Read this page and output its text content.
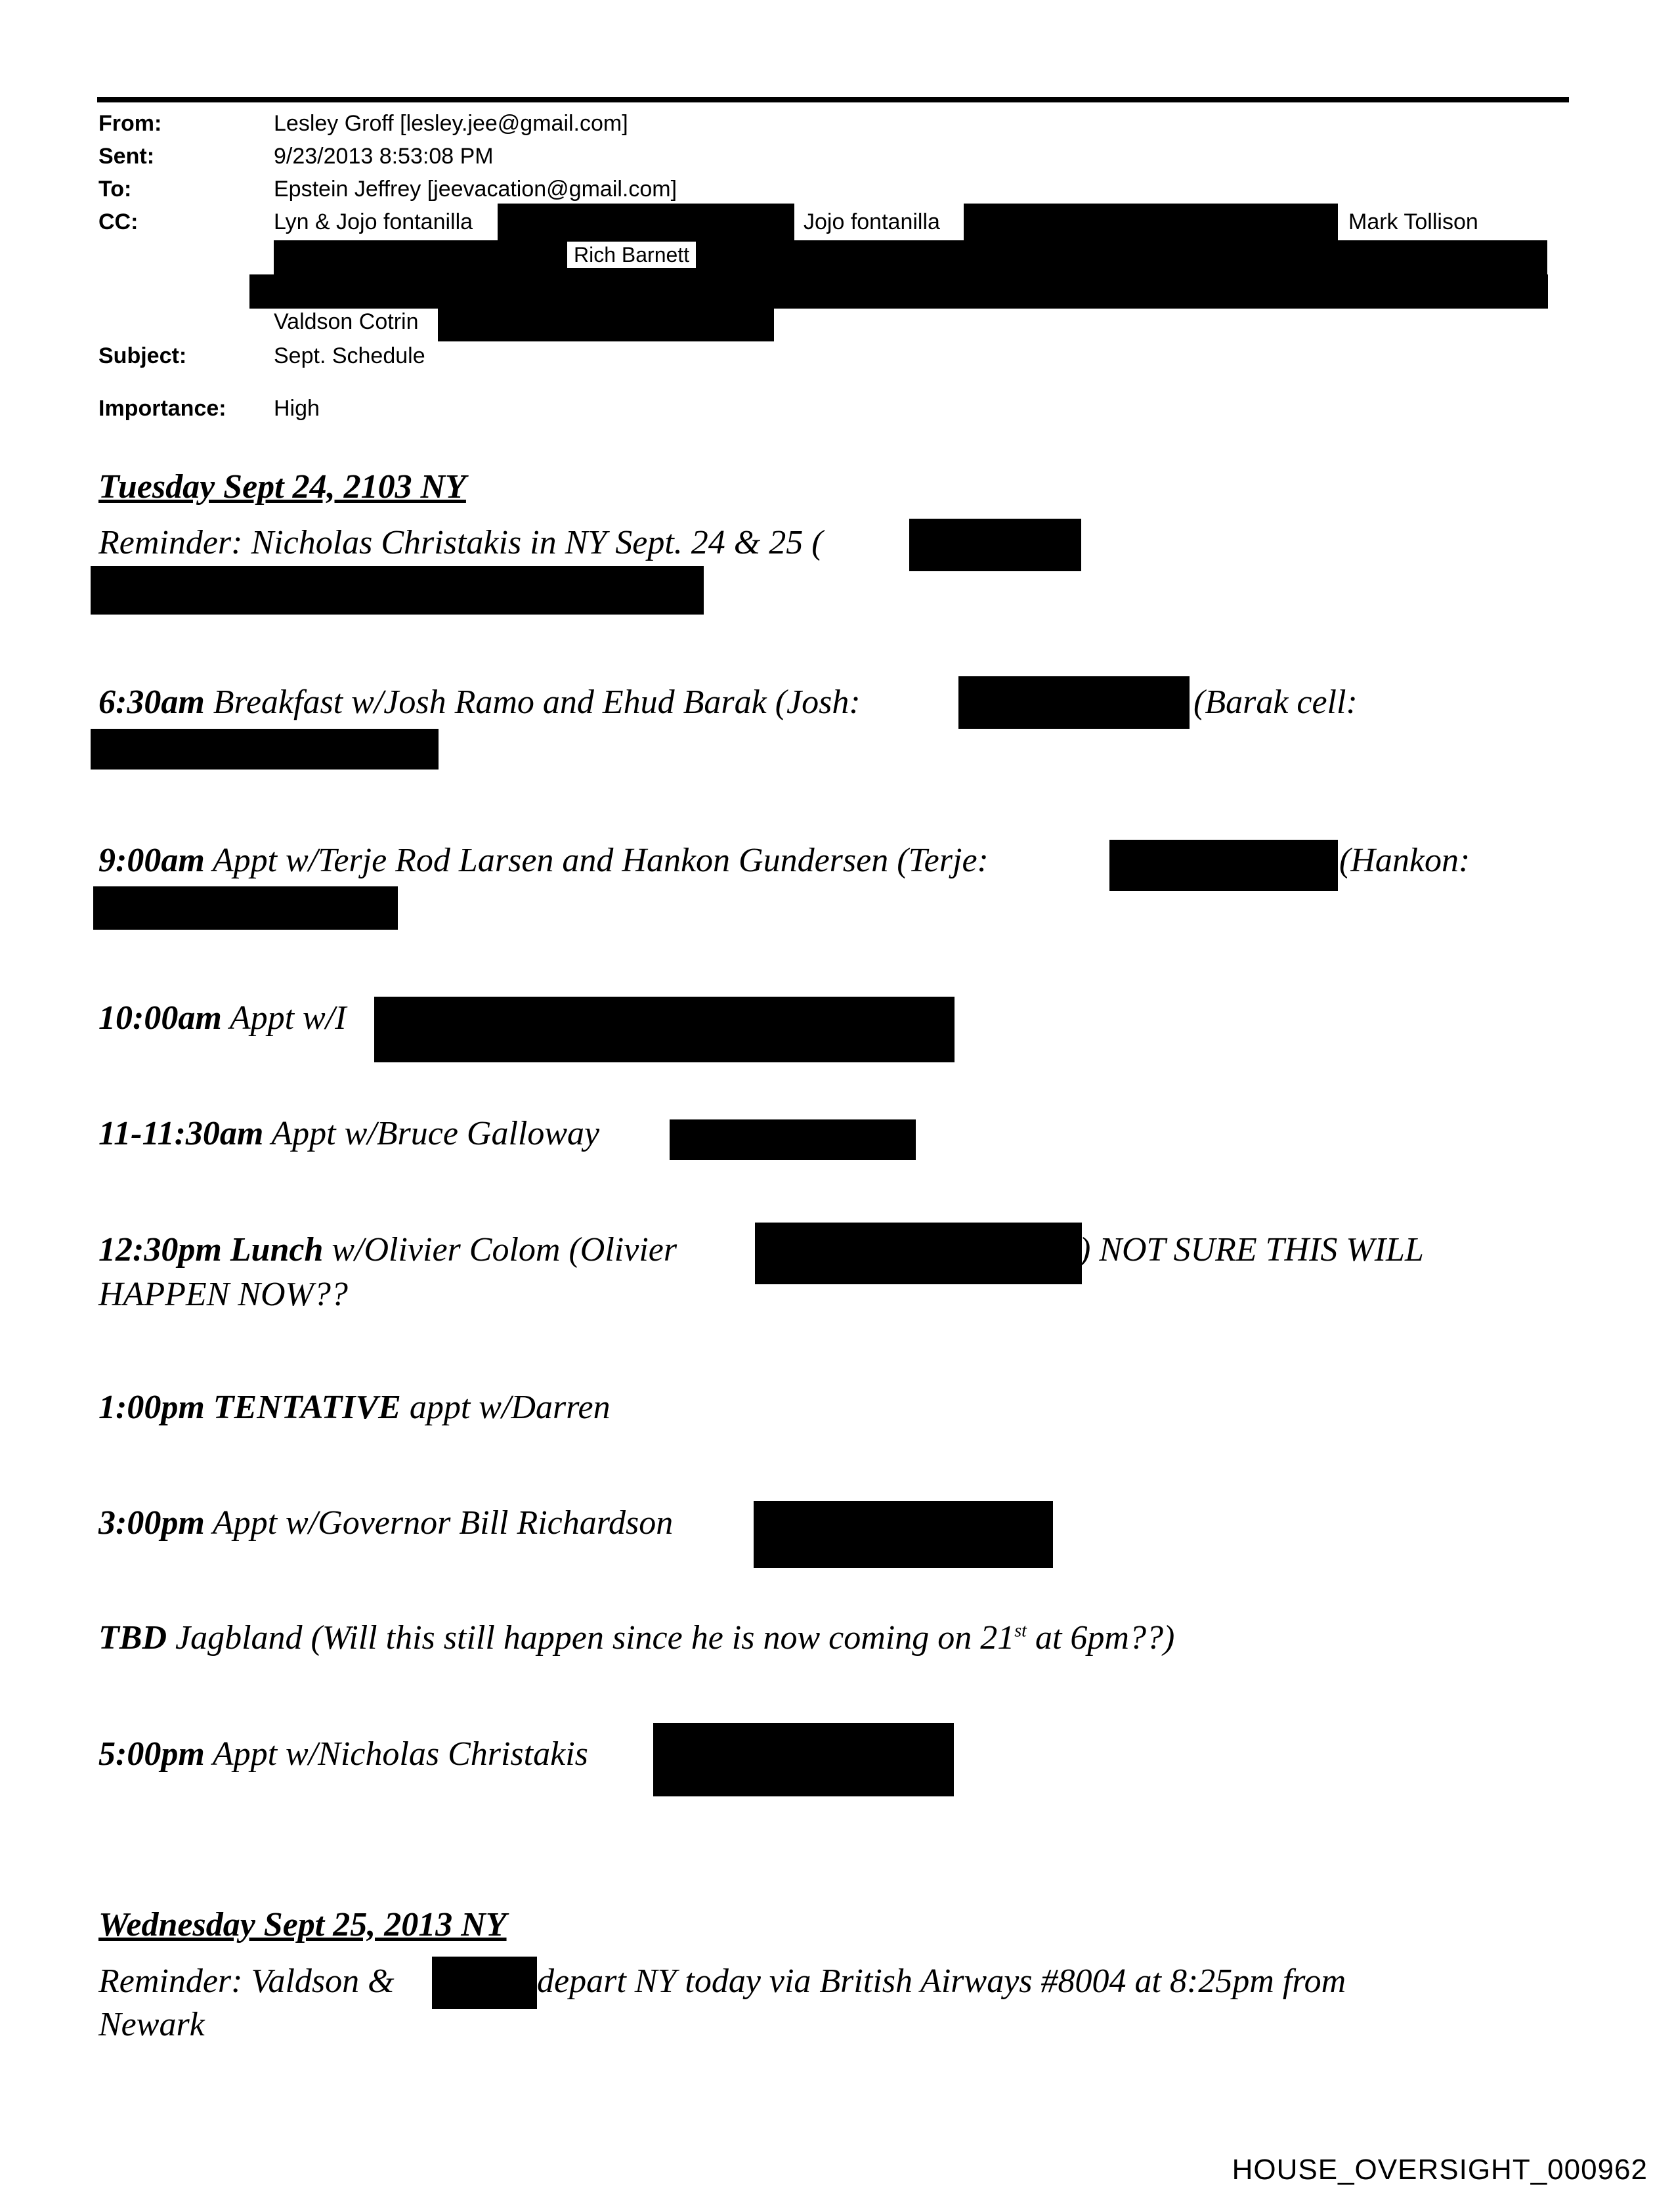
From:	Lesley Groff [lesley.jee@gmail.com]
Sent:	9/23/2013 8:53:08 PM
To:	Epstein Jeffrey [jeevacation@gmail.com]
CC:	Lyn & Jojo fontanilla	Jojo fontanilla	Mark Tollison
Rich Barnett
Valdson Cotrin
Subject:	Sept. Schedule
Importance: High
Tuesday Sept 24, 2103 NY
Reminder: Nicholas Christakis in NY Sept. 24 & 25 (
6:30am Breakfast w/Josh Ramo and Ehud Barak (Josh:	(Barak cell:
9:00am Appt w/Terje Rod Larsen and Hankon Gundersen (Terje:	(Hankon:
10:00am Appt w/I
11-11:30am Appt w/Bruce Galloway
12:30pm Lunch w/Olivier Colom (Olivier	) NOT SURE THIS WILL
HAPPEN NOW??
1:00pm TENTATIVE appt w/Darren
3:00pm Appt w/Governor Bill Richardson
TBD Jagbland (Will this still happen since he is now coming on 21st at 6pm??)
5:00pm Appt w/Nicholas Christakis
Wednesday Sept 25, 2013 NY
Reminder: Valdson &	depart NY today via British Airways #8004 at 8:25pm from
Newark
HOUSE_OVERSIGHT_000962
